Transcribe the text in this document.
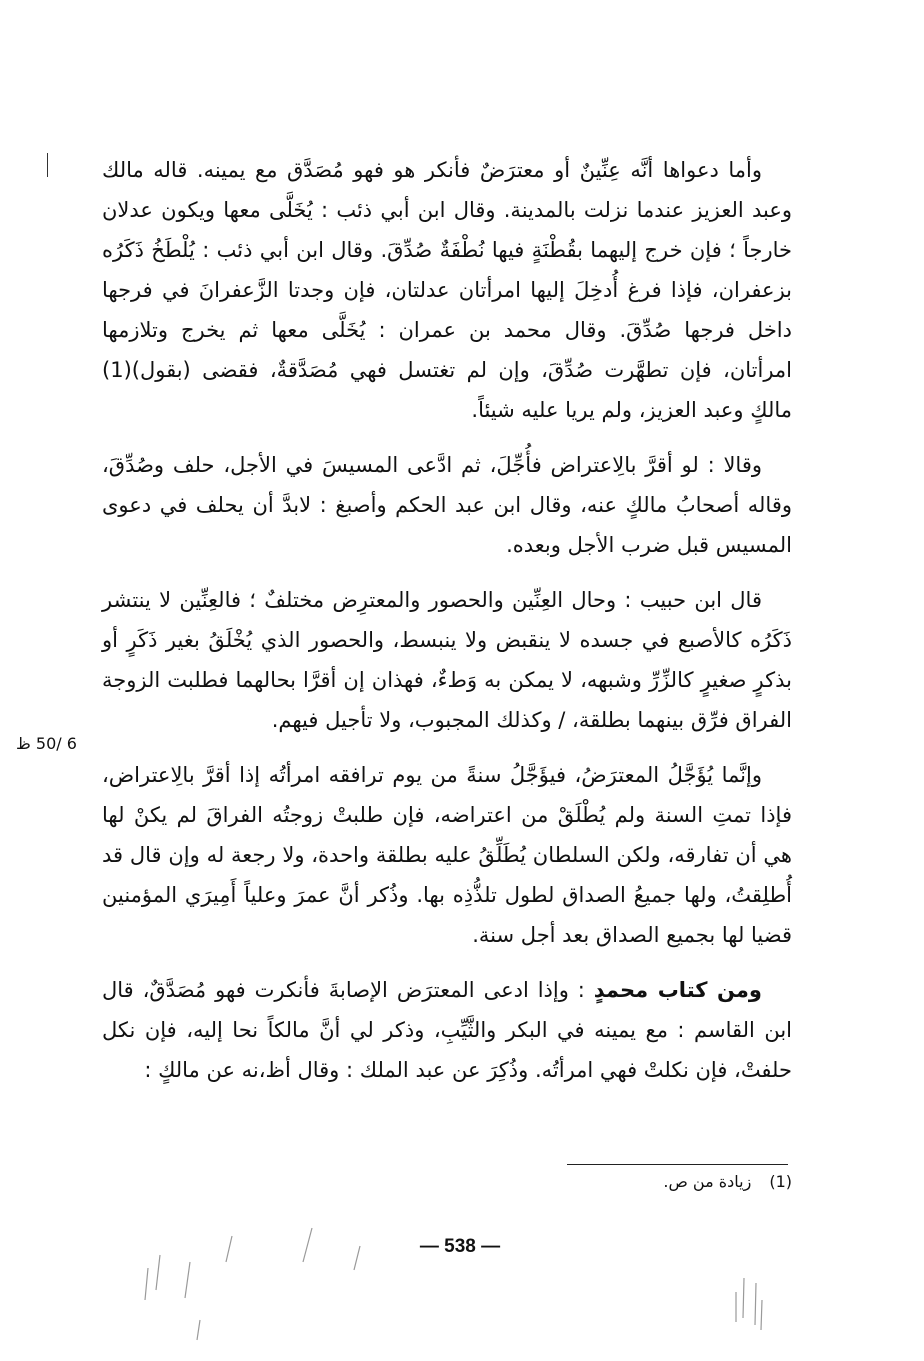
وأما دعواها أنَّه عِنِّينٌ أو معترَضٌ فأنكر هو فهو مُصَدَّق مع يمينه. قاله مالك وعبد العزيز عندما نزلت بالمدينة. وقال ابن أبي ذئب : يُخَلَّى معها ويكون عدلان خارجاً ؛ فإن خرج إليهما بقُطْنَةٍ فيها نُطْفَةٌ صُدِّقَ. وقال ابن أبي ذئب : يُلْطَخُ ذَكَرُه بزعفران، فإذا فرغ أُدخِلَ إليها امرأتان عدلتان، فإن وجدتا الزَّعفرانَ في فرجها داخل فرجها صُدِّقَ. وقال محمد بن عمران : يُخَلَّى معها ثم يخرج وتلازمها امرأتان، فإن تطهَّرت صُدِّقَ، وإن لم تغتسل فهي مُصَدَّقةٌ، فقضى (بقول)(1) مالكٍ وعبد العزيز، ولم يريا عليه شيئاً.

وقالا : لو أقرَّ بالِاعتراض فأُجِّلَ، ثم ادَّعى المسيسَ في الأجل، حلف وصُدِّقَ، وقاله أصحابُ مالكٍ عنه، وقال ابن عبد الحكم وأصبغ : لابدَّ أن يحلف في دعوى المسيس قبل ضرب الأجل وبعده.

قال ابن حبيب : وحال العِنِّين والحصور والمعترِض مختلفٌ ؛ فالعِنِّين لا ينتشر ذَكَرُه كالأصبع في جسده لا ينقبض ولا ينبسط، والحصور الذي يُخْلَقُ بغير ذَكَرٍ أو بذكرٍ صغيرٍ كالزِّرِّ وشبهه، لا يمكن به وَطءٌ، فهذان إن أقرَّا بحالهما فطلبت الزوجة الفراق فرِّق بينهما بطلقة، / وكذلك المجبوب، ولا تأجيل فيهم.

وإنَّما يُؤَجَّلُ المعترَضُ، فيؤَجَّلُ سنةً من يوم ترافقه امرأتُه إذا أقرَّ بالِاعتراض، فإذا تمتِ السنة ولم يُطْلَقْ من اعتراضه، فإن طلبتْ زوجتُه الفراقَ لم يكنْ لها هي أن تفارقه، ولكن السلطان يُطَلِّقُ عليه بطلقة واحدة، ولا رجعة له وإن قال قد أُطلِقتُ، ولها جميعُ الصداق لطول تلذُّذِه بها. وذُكر أنَّ عمرَ وعلياً أَمِيرَي المؤمنين قضيا لها بجميع الصداق بعد أجل سنة.

ومن كتاب محمدٍ : وإذا ادعى المعترَض الإصابةَ فأنكرت فهو مُصَدَّقٌ، قال ابن القاسم : مع يمينه في البكر والثَّيِّبِ، وذكر لي أنَّ مالكاً نحا إليه، فإن نكل حلفتْ، فإن نكلتْ فهي امرأتُه. وذُكِرَ عن عبد الملك : وقال أظ،نه عن مالكٍ :

6 /50 ظ
(1)زيادة من ص.
— 538 —
